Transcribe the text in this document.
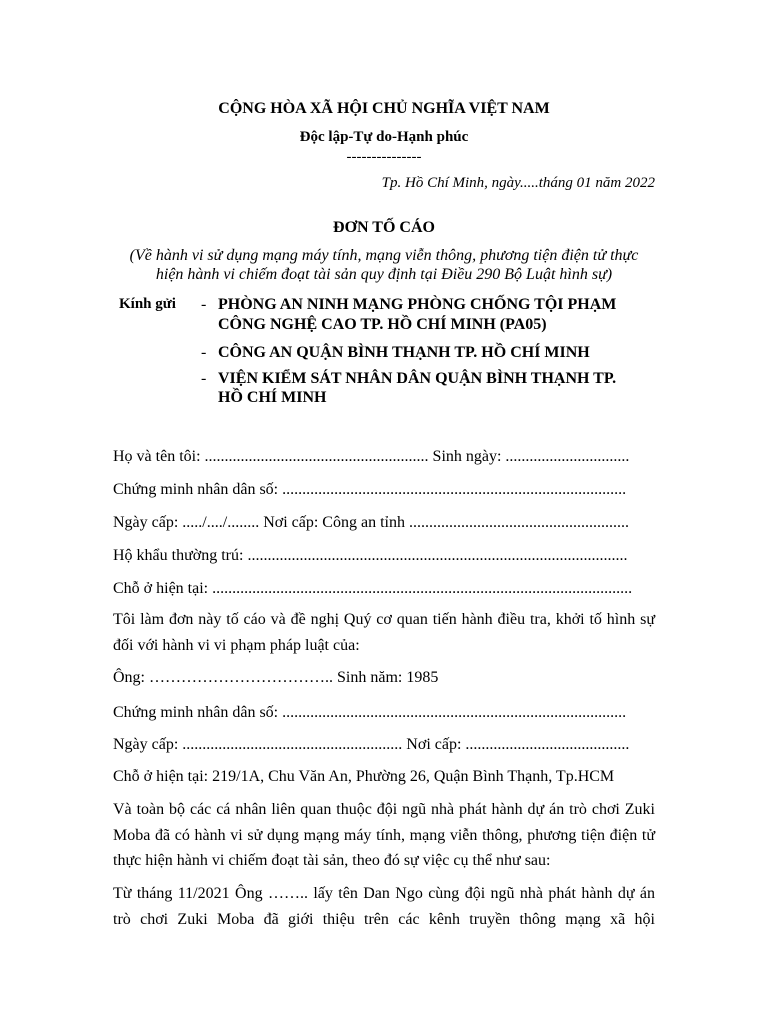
CỘNG HÒA XÃ HỘI CHỦ NGHĨA VIỆT NAM
Độc lập-Tự do-Hạnh phúc
---------------
Tp. Hồ Chí Minh, ngày.....tháng 01 năm 2022
ĐƠN TỐ CÁO
(Về hành vi sử dụng mạng máy tính, mạng viễn thông, phương tiện điện tử thực
hiện hành vi chiếm đoạt tài sản quy định tại Điều 290 Bộ Luật hình sự)
Kính gửi - PHÒNG AN NINH MẠNG PHÒNG CHỐNG TỘI PHẠM
CÔNG NGHỆ CAO TP. HỒ CHÍ MINH (PA05)
- CÔNG AN QUẬN BÌNH THẠNH TP. HỒ CHÍ MINH
- VIỆN KIỂM SÁT NHÂN DÂN QUẬN BÌNH THẠNH TP.
HỒ CHÍ MINH
Họ và tên tôi: ........................................................ Sinh ngày: ...............................
Chứng minh nhân dân số: ......................................................................................
Ngày cấp: ...../..../........ Nơi cấp: Công an tỉnh .......................................................
Hộ khẩu thường trú: ...............................................................................................
Chỗ ở hiện tại: .........................................................................................................
Tôi làm đơn này tố cáo và đề nghị Quý cơ quan tiến hành điều tra, khởi tố hình sự
đối với hành vi vi phạm pháp luật của:
Ông: …………………………….. Sinh năm: 1985
Chứng minh nhân dân số: ......................................................................................
Ngày cấp: ....................................................... Nơi cấp: .........................................
Chỗ ở hiện tại: 219/1A, Chu Văn An, Phường 26, Quận Bình Thạnh, Tp.HCM
Và toàn bộ các cá nhân liên quan thuộc đội ngũ nhà phát hành dự án trò chơi Zuki
Moba đã có hành vi sử dụng mạng máy tính, mạng viễn thông, phương tiện điện tử
thực hiện hành vi chiếm đoạt tài sản, theo đó sự việc cụ thể như sau:
Từ tháng 11/2021 Ông …….. lấy tên Dan Ngo cùng đội ngũ nhà phát hành dự án
trò chơi Zuki Moba đã giới thiệu trên các kênh truyền thông mạng xã hội
